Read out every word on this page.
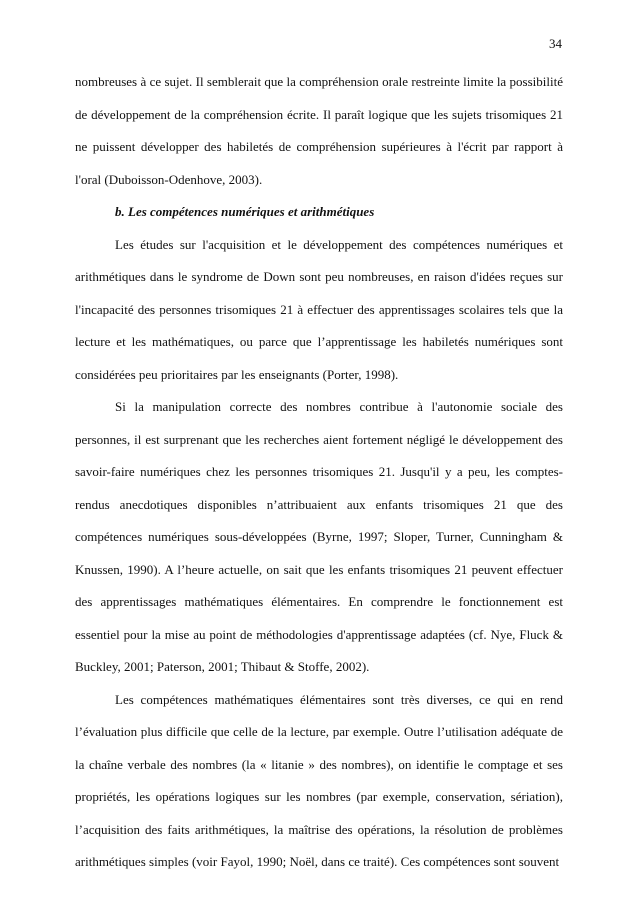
34

nombreuses à ce sujet. Il semblerait que la compréhension orale restreinte limite la possibilité de développement de la compréhension écrite. Il paraît logique que les sujets trisomiques 21 ne puissent développer des habiletés de compréhension supérieures à l'écrit par rapport à l'oral (Duboisson-Odenhove, 2003).

b. Les compétences numériques et arithmétiques

Les études sur l'acquisition et le développement des compétences numériques et arithmétiques dans le syndrome de Down sont peu nombreuses, en raison d'idées reçues sur l'incapacité des personnes trisomiques 21 à effectuer des apprentissages scolaires tels que la lecture et les mathématiques, ou parce que l’apprentissage les habiletés numériques sont considérées peu prioritaires par les enseignants (Porter, 1998).

Si la manipulation correcte des nombres contribue à l'autonomie sociale des personnes, il est surprenant que les recherches aient fortement négligé le développement des savoir-faire numériques chez les personnes trisomiques 21. Jusqu'il y a peu, les comptes-rendus anecdotiques disponibles n’attribuaient aux enfants trisomiques 21 que des compétences numériques sous-développées (Byrne, 1997; Sloper, Turner, Cunningham & Knussen, 1990). A l’heure actuelle, on sait que les enfants trisomiques 21 peuvent effectuer des apprentissages mathématiques élémentaires. En comprendre le fonctionnement est essentiel pour la mise au point de méthodologies d'apprentissage adaptées (cf. Nye, Fluck & Buckley, 2001; Paterson, 2001; Thibaut & Stoffe, 2002).

Les compétences mathématiques élémentaires sont très diverses, ce qui en rend l’évaluation plus difficile que celle de la lecture, par exemple. Outre l’utilisation adéquate de la chaîne verbale des nombres (la « litanie » des nombres), on identifie le comptage et ses propriétés, les opérations logiques sur les nombres (par exemple, conservation, sériation), l’acquisition des faits arithmétiques, la maîtrise des opérations, la résolution de problèmes arithmétiques simples (voir Fayol, 1990; Noël, dans ce traité). Ces compétences sont souvent
